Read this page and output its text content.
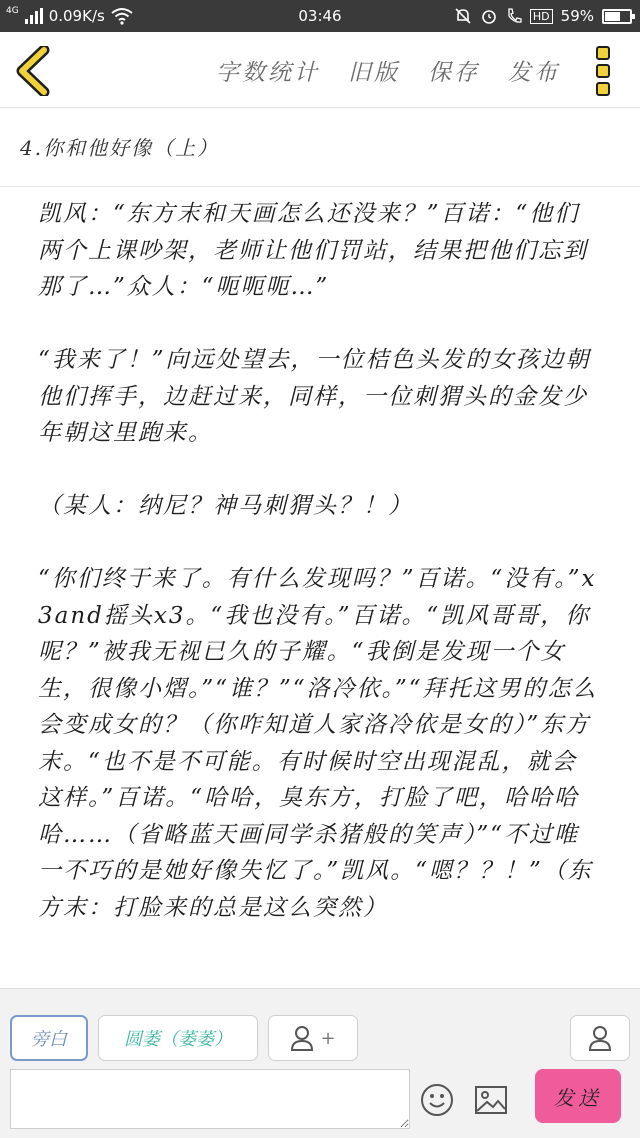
4G 0.09K/s	03:46	HD 59%
字数统计 旧版 保存 发布
4.你和他好像（上）

凯风：“东方末和天画怎么还没来？”百诺：“他们两个上课吵架，老师让他们罚站，结果把他们忘到那了…”众人：“呃呃呃…”

“我来了！”向远处望去，一位桔色头发的女孩边朝他们挥手，边赶过来，同样，一位刺猬头的金发少年朝这里跑来。

（某人：纳尼？神马刺猬头？！）

“你们终于来了。有什么发现吗？”百诺。“没有。”x3and摇头x3。“我也没有。”百诺。“凯风哥哥，你呢？”被我无视已久的子耀。“我倒是发现一个女生，很像小熠。”“谁？”“洛冷依。”“拜托这男的怎么会变成女的？（你咋知道人家洛冷依是女的）”东方末。“也不是不可能。有时候时空出现混乱，就会这样。”百诺。“哈哈，臭东方，打脸了吧，哈哈哈哈……（省略蓝天画同学杀猪般的笑声）”“不过唯一不巧的是她好像失忆了。”凯风。“嗯？？！”（东方末：打脸来的总是这么突然）

旁白	圆萎（萎萎）	+
发送
